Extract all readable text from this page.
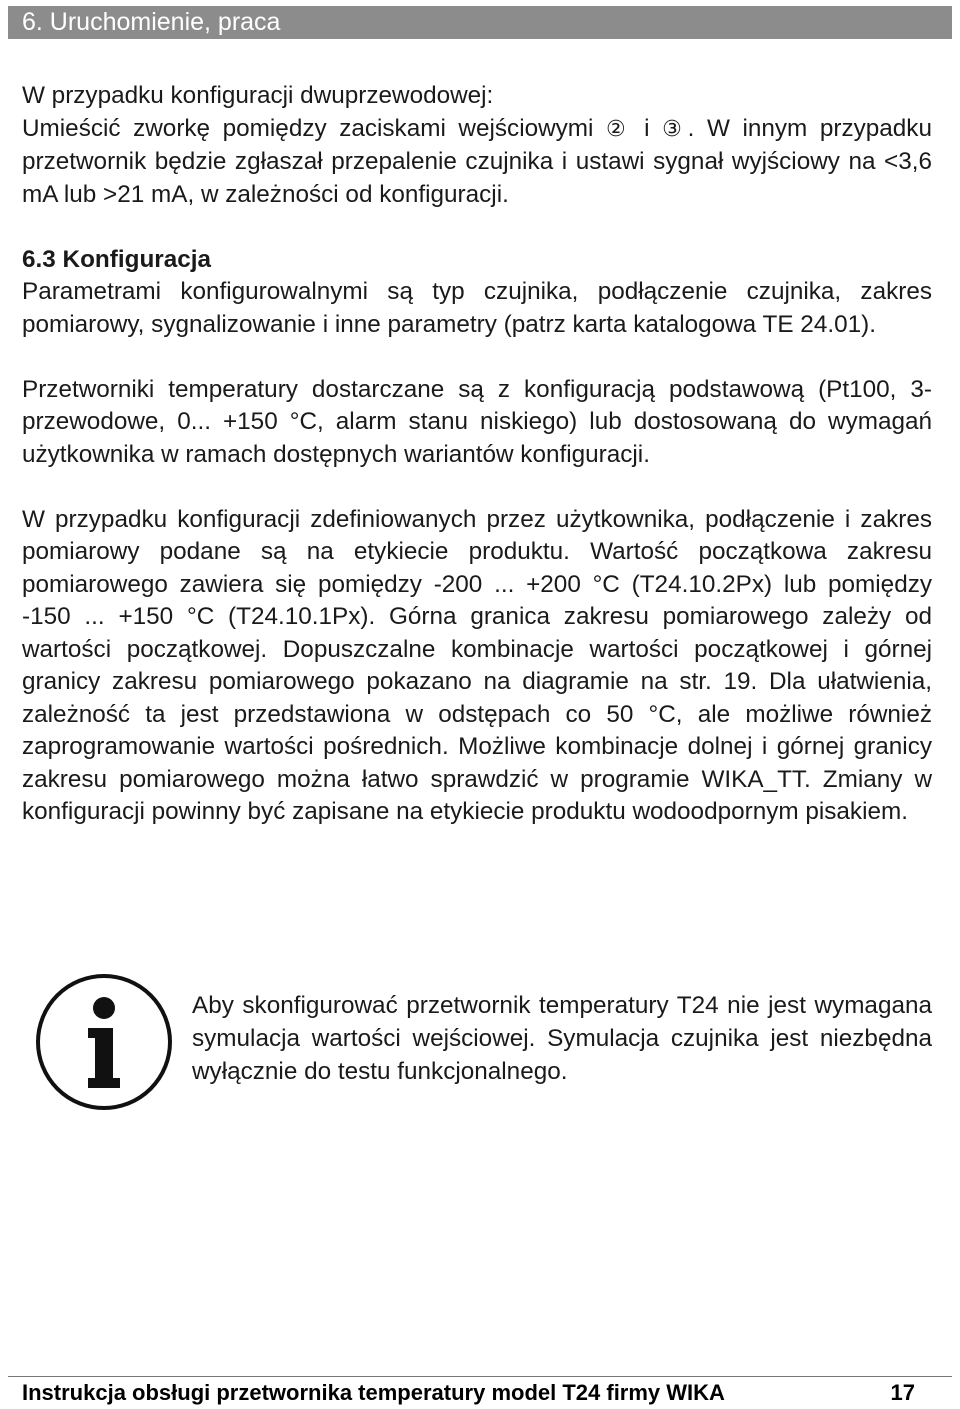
6. Uruchomienie, praca

W przypadku konfiguracji dwuprzewodowej:

Umieścić zworkę pomiędzy zaciskami wejściowymi ② i ③. W innym przypadku przetwornik będzie zgłaszał przepalenie czujnika i ustawi sygnał wyjściowy na <3,6 mA lub >21 mA, w zależności od konfiguracji.

6.3 Konfiguracja

Parametrami konfigurowalnymi są typ czujnika, podłączenie czujnika, zakres pomiarowy, sygnalizowanie i inne parametry (patrz karta katalogowa TE 24.01).

Przetworniki temperatury dostarczane są z konfiguracją podstawową (Pt100, 3-przewodowe, 0... +150 °C, alarm stanu niskiego) lub dostosowaną do wymagań użytkownika w ramach dostępnych wariantów konfiguracji.

W przypadku konfiguracji zdefiniowanych przez użytkownika, podłączenie i zakres pomiarowy podane są na etykiecie produktu. Wartość początkowa zakresu pomiarowego zawiera się pomiędzy -200 ... +200 °C (T24.10.2Px) lub pomiędzy -150 ... +150 °C (T24.10.1Px). Górna granica zakresu pomiarowego zależy od wartości początkowej. Dopuszczalne kombinacje wartości początkowej i górnej granicy zakresu pomiarowego pokazano na diagramie na str. 19. Dla ułatwienia, zależność ta jest przedstawiona w odstępach co 50 °C, ale możliwe również zaprogramowanie wartości pośrednich. Możliwe kombinacje dolnej i górnej granicy zakresu pomiarowego można łatwo sprawdzić w programie WIKA_TT. Zmiany w konfiguracji powinny być zapisane na etykiecie produktu wodoodpornym pisakiem.

Aby skonfigurować przetwornik temperatury T24 nie jest wymagana symulacja wartości wejściowej. Symulacja czujnika jest niezbędna wyłącznie do testu funkcjonalnego.

Instrukcja obsługi przetwornika temperatury model T24 firmy WIKA	17
